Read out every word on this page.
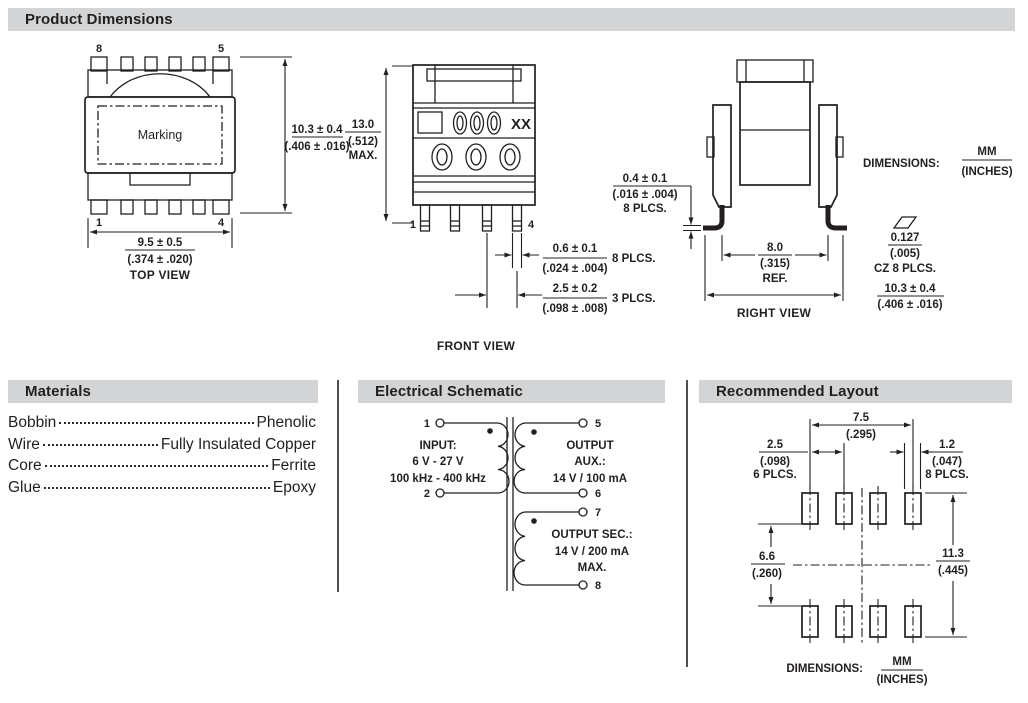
Product Dimensions
Marking
8	5
1	4
10.3 ± 0.4
(.406 ± .016)
9.5 ± 0.5
(.374 ± .020)
TOP VIEW
XX
1	4
13.0
(.512)
MAX.
0.6 ± 0.1
(.024 ± .004)
8 PLCS.
2.5 ± 0.2
(.098 ± .008)
3 PLCS.
FRONT VIEW
0.4 ± 0.1
(.016 ± .004)
8 PLCS.
8.0
(.315)
REF.
0.127
(.005)
CZ 8 PLCS.
10.3 ± 0.4
(.406 ± .016)
RIGHT VIEW
DIMENSIONS:
MM
(INCHES)
Materials	Electrical Schematic	Recommended Layout
Bobbin	Phenolic
Wire	Fully Insulated Copper
Core	Ferrite
Glue	Epoxy
1
2
INPUT:
6 V - 27 V
100 kHz - 400 kHz
5
6
OUTPUT
AUX.:
14 V / 100 mA
7
8
OUTPUT SEC.:
14 V / 200 mA
MAX.
7.5
(.295)
2.5
(.098)
6 PLCS.
1.2
(.047)
8 PLCS.
6.6
(.260)
11.3
(.445)
DIMENSIONS:
MM
(INCHES)
